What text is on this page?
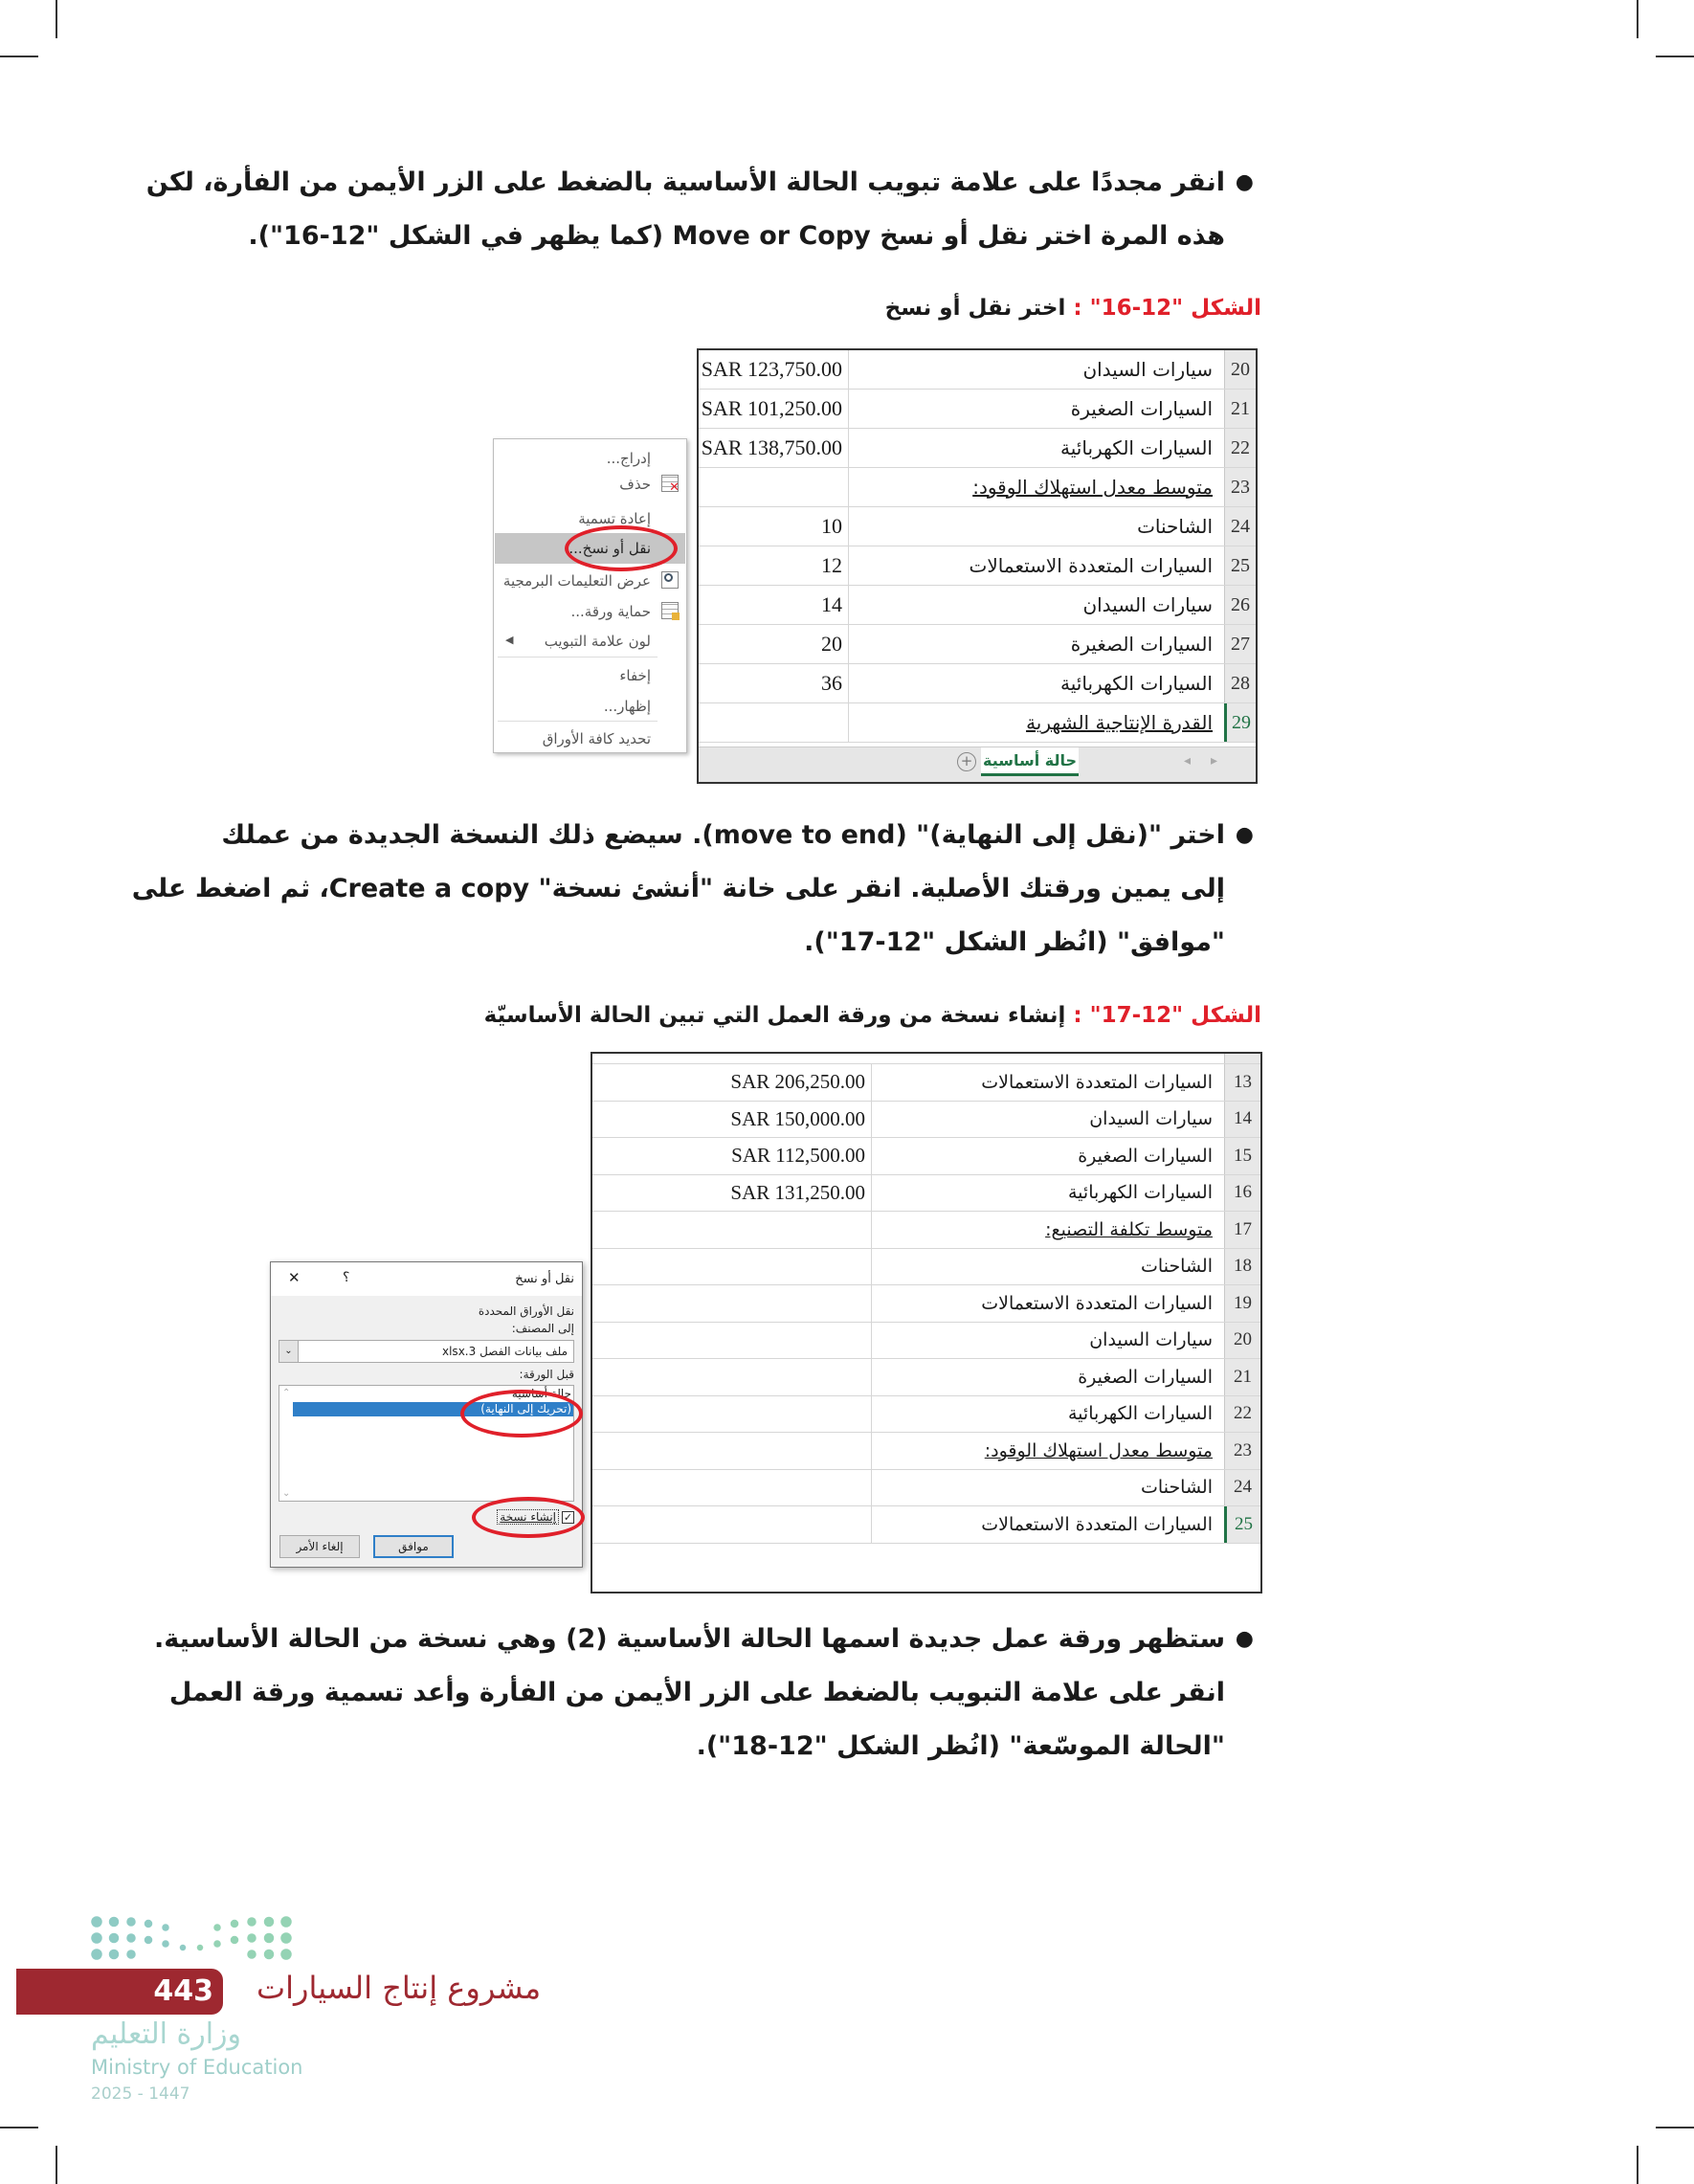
●
انقر مجددًا على علامة تبويب الحالة الأساسية بالضغط على الزر الأيمن من الفأرة، لكن
هذه المرة اختر نقل أو نسخ Move or Copy (كما يظهر في الشكل "12-16").
الشكل "12-16" : اختر نقل أو نسخ
20
سيارات السيدان
SAR 123,750.00
21
السيارات الصغيرة
SAR 101,250.00
22
السيارات الكهربائية
SAR 138,750.00
23
متوسط معدل استهلاك الوقود:
24
الشاحنات
10
25
السيارات المتعددة الاستعمالات
12
26
سيارات السيدان
14
27
السيارات الصغيرة
20
28
السيارات الكهربائية
36
29
القدرة الإنتاجية الشهرية
▸
◂
حالة أساسية
+
إدراج...
حذف ✕
إعادة تسمية
نقل أو نسخ...
عرض التعليمات البرمجية
حماية ورقة...
لون علامة التبويب
◀
إخفاء
إظهار...
تحديد كافة الأوراق
●
اختر "(نقل إلى النهاية)" (move to end). سيضع ذلك النسخة الجديدة من عملك
إلى يمين ورقتك الأصلية. انقر على خانة "أنشئ نسخة" Create a copy، ثم اضغط على
"موافق" (انُظر الشكل "12-17").
الشكل "12-17" : إنشاء نسخة من ورقة العمل التي تبين الحالة الأساسيّة
13
السيارات المتعددة الاستعمالات
SAR 206,250.00
14
سيارات السيدان
SAR 150,000.00
15
السيارات الصغيرة
SAR 112,500.00
16
السيارات الكهربائية
SAR 131,250.00
17
متوسط تكلفة التصنيع:
18
الشاحنات
19
السيارات المتعددة الاستعمالات
20
سيارات السيدان
21
السيارات الصغيرة
22
السيارات الكهربائية
23
متوسط معدل استهلاك الوقود:
24
الشاحنات
25
السيارات المتعددة الاستعمالات
نقل أو نسخ
؟
✕
نقل الأوراق المحددة
إلى المصنف:
ملف بيانات الفصل 3.xlsx
⌄
قبل الورقة:
حالة أساسية
(تحريك إلى النهاية)
⌃
⌄
✓
إنشاء نسخة
موافق
إلغاء الأمر
●
ستظهر ورقة عمل جديدة اسمها الحالة الأساسية (2) وهي نسخة من الحالة الأساسية.
انقر على علامة التبويب بالضغط على الزر الأيمن من الفأرة وأعد تسمية ورقة العمل
"الحالة الموسّعة" (انُظر الشكل "12-18").
443 مشروع إنتاج السيارات
وزارة التعليم
Ministry of Education
2025 - 1447
